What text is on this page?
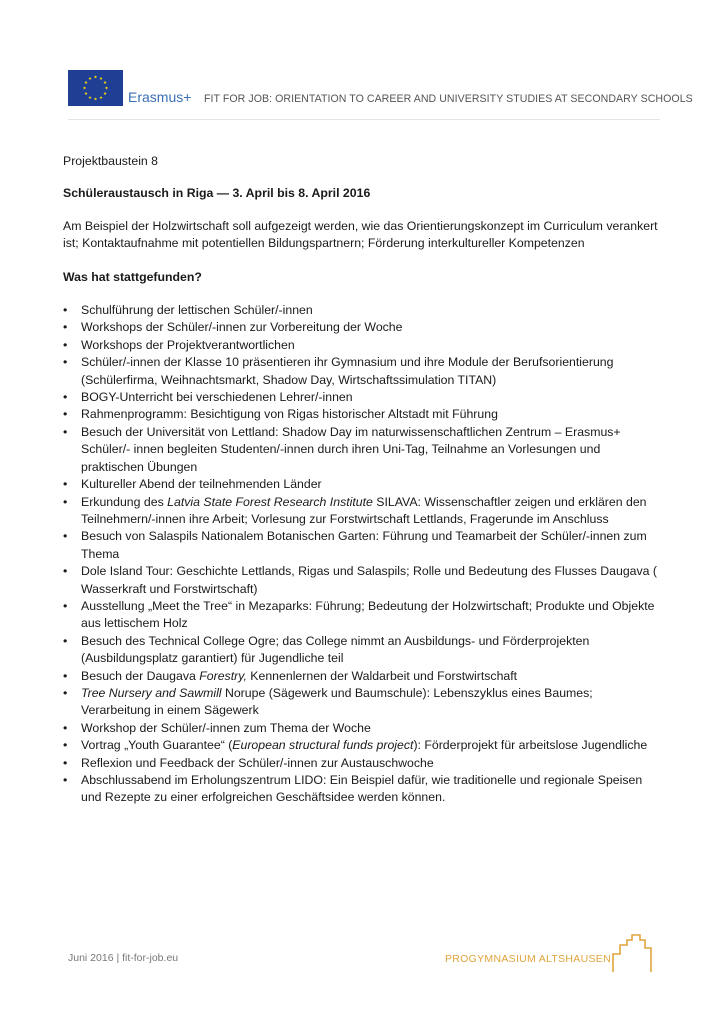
Erasmus+ FIT FOR JOB: ORIENTATION TO CAREER AND UNIVERSITY STUDIES AT SECONDARY SCHOOLS

Projektbaustein 8

Schüleraustausch in Riga — 3. April bis 8. April 2016

Am Beispiel der Holzwirtschaft soll aufgezeigt werden, wie das Orientierungskonzept im Curriculum verankert ist; Kontaktaufnahme mit potentiellen Bildungspartnern; Förderung interkultureller Kompetenzen

Was hat stattgefunden?

• Schulführung der lettischen Schüler/-innen
• Workshops der Schüler/-innen zur Vorbereitung der Woche
• Workshops der Projektverantwortlichen
• Schüler/-innen der Klasse 10 präsentieren ihr Gymnasium und ihre Module der Berufsorientierung (Schülerfirma, Weihnachtsmarkt, Shadow Day, Wirtschaftssimulation TITAN)
• BOGY-Unterricht bei verschiedenen Lehrer/-innen
• Rahmenprogramm: Besichtigung von Rigas historischer Altstadt mit Führung
• Besuch der Universität von Lettland: Shadow Day im naturwissenschaftlichen Zentrum – Erasmus+ Schüler/- innen begleiten Studenten/-innen durch ihren Uni-Tag, Teilnahme an Vorlesungen und praktischen Übungen
• Kultureller Abend der teilnehmenden Länder
• Erkundung des Latvia State Forest Research Institute SILAVA: Wissenschaftler zeigen und erklären den Teilnehmern/-innen ihre Arbeit; Vorlesung zur Forstwirtschaft Lettlands, Fragerunde im Anschluss
• Besuch von Salaspils Nationalem Botanischen Garten: Führung und Teamarbeit der Schüler/-innen zum Thema
• Dole Island Tour: Geschichte Lettlands, Rigas und Salaspils; Rolle und Bedeutung des Flusses Daugava ( Wasserkraft und Forstwirtschaft)
• Ausstellung „Meet the Tree“ in Mezaparks: Führung; Bedeutung der Holzwirtschaft; Produkte und Objekte aus lettischem Holz
• Besuch des Technical College Ogre; das College nimmt an Ausbildungs- und Förderprojekten (Ausbildungsplatz garantiert) für Jugendliche teil
• Besuch der Daugava Forestry, Kennenlernen der Waldarbeit und Forstwirtschaft
• Tree Nursery and Sawmill Norupe (Sägewerk und Baumschule): Lebenszyklus eines Baumes; Verarbeitung in einem Sägewerk
• Workshop der Schüler/-innen zum Thema der Woche
• Vortrag „Youth Guarantee“ (European structural funds project): Förderprojekt für arbeitslose Jugendliche
• Reflexion und Feedback der Schüler/-innen zur Austauschwoche
• Abschlussabend im Erholungszentrum LIDO: Ein Beispiel dafür, wie traditionelle und regionale Speisen und Rezepte zu einer erfolgreichen Geschäftsidee werden können.
Juni 2016 | fit-for-job.eu	PROGYMNASIUM ALTSHAUSEN
